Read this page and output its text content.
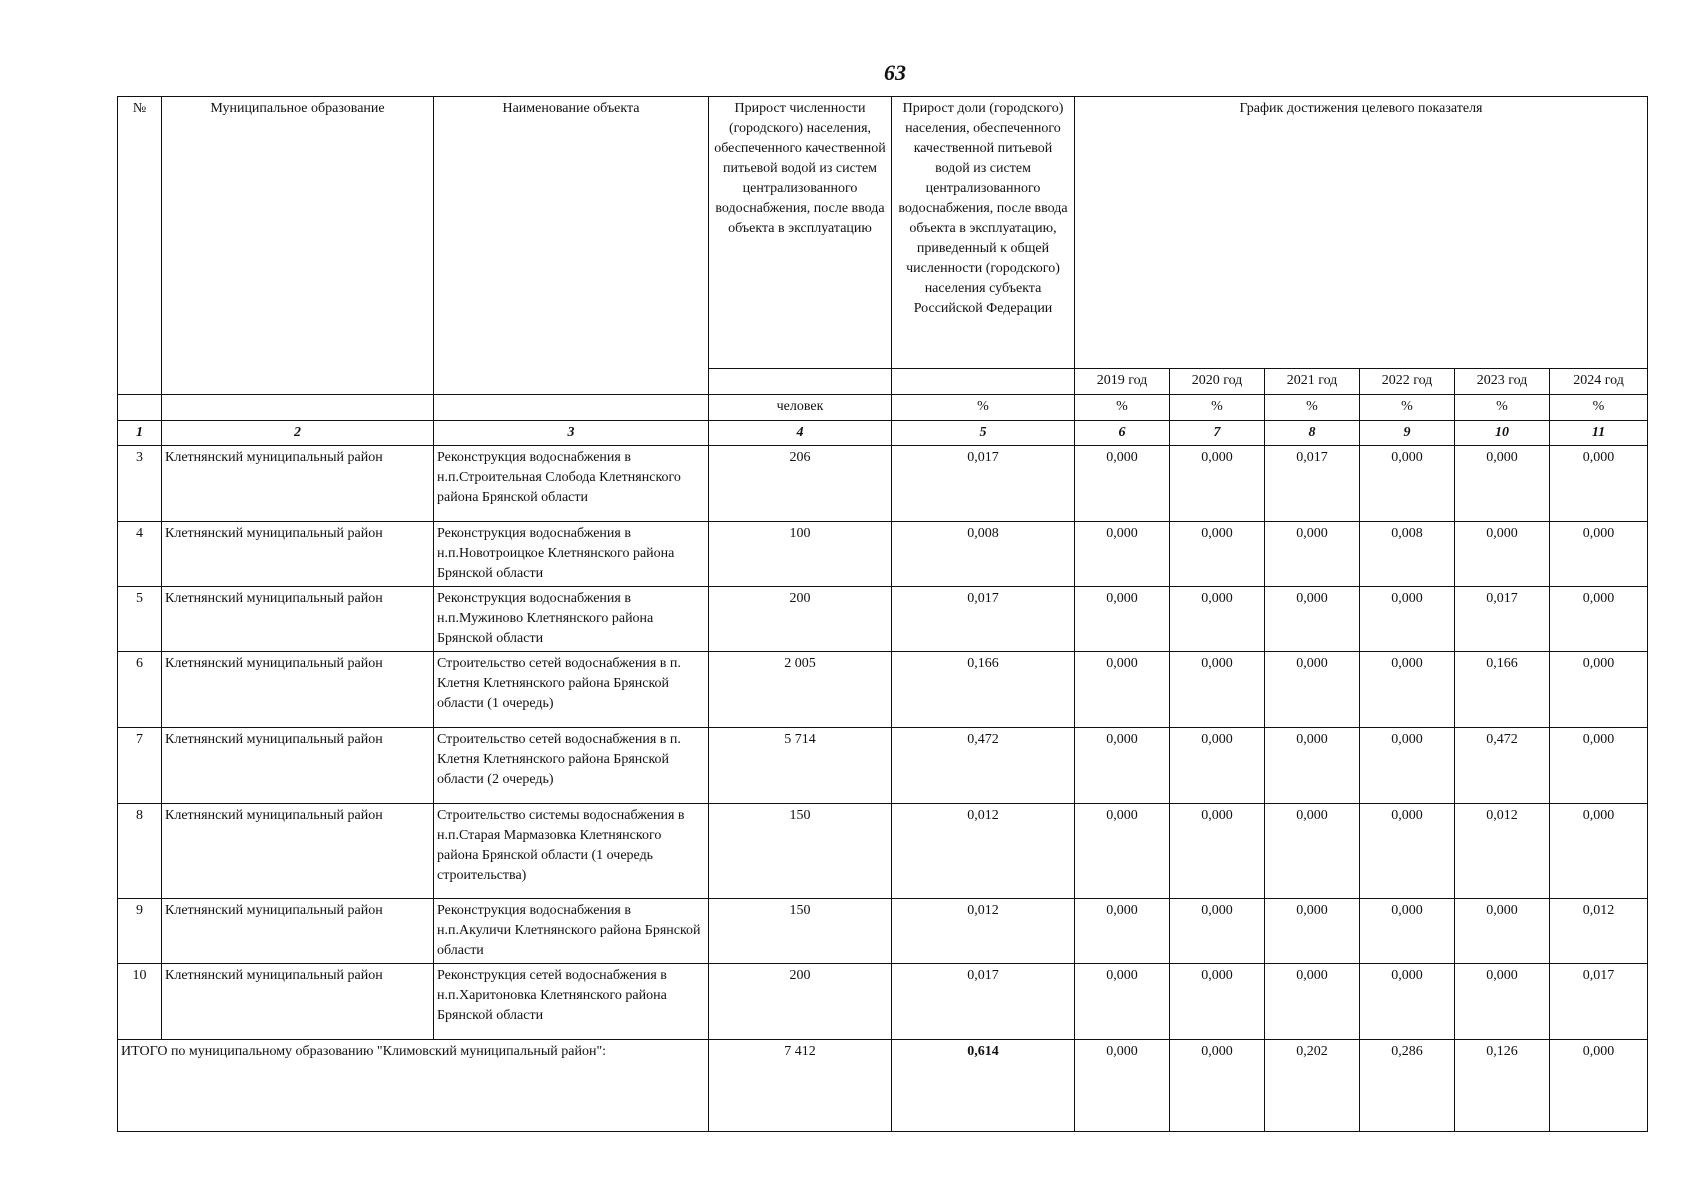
63
№	Муниципальное образование	Наименование объекта	Прирост численности (городского) населения, обеспеченного качественной питьевой водой из систем централизованного водоснабжения, после ввода объекта в эксплуатацию	Прирост доли (городского) населения, обеспеченного качественной питьевой водой из систем централизованного водоснабжения, после ввода объекта в эксплуатацию, приведенный к общей численности (городского) населения субъекта Российской Федерации	График достижения целевого показателя					
					2019 год	2020 год	2021 год	2022 год	2023 год	2024 год
			человек	%	%	%	%	%	%	%
1	2	3	4	5	6	7	8	9	10	11
3	Клетнянский муниципальный район	Реконструкция водоснабжения в н.п.Строительная Слобода Клетнянского района Брянской области	206	0,017	0,000	0,000	0,017	0,000	0,000	0,000
4	Клетнянский муниципальный район	Реконструкция водоснабжения в н.п.Новотроицкое Клетнянского района Брянской области	100	0,008	0,000	0,000	0,000	0,008	0,000	0,000
5	Клетнянский муниципальный район	Реконструкция водоснабжения в н.п.Мужиново Клетнянского района Брянской области	200	0,017	0,000	0,000	0,000	0,000	0,017	0,000
6	Клетнянский муниципальный район	Строительство сетей водоснабжения в п. Клетня Клетнянского района Брянской области (1 очередь)	2 005	0,166	0,000	0,000	0,000	0,000	0,166	0,000
7	Клетнянский муниципальный район	Строительство сетей водоснабжения в п. Клетня Клетнянского района Брянской области (2 очередь)	5 714	0,472	0,000	0,000	0,000	0,000	0,472	0,000
8	Клетнянский муниципальный район	Строительство системы водоснабжения в н.п.Старая Мармазовка Клетнянского района Брянской области (1 очередь строительства)	150	0,012	0,000	0,000	0,000	0,000	0,012	0,000
9	Клетнянский муниципальный район	Реконструкция водоснабжения в н.п.Акуличи Клетнянского района Брянской области	150	0,012	0,000	0,000	0,000	0,000	0,000	0,012
10	Клетнянский муниципальный район	Реконструкция сетей водоснабжения в н.п.Харитоновка Клетнянского района Брянской области	200	0,017	0,000	0,000	0,000	0,000	0,000	0,017
ИТОГО по муниципальному образованию "Климовский муниципальный район":			7 412	0,614	0,000	0,000	0,202	0,286	0,126	0,000
